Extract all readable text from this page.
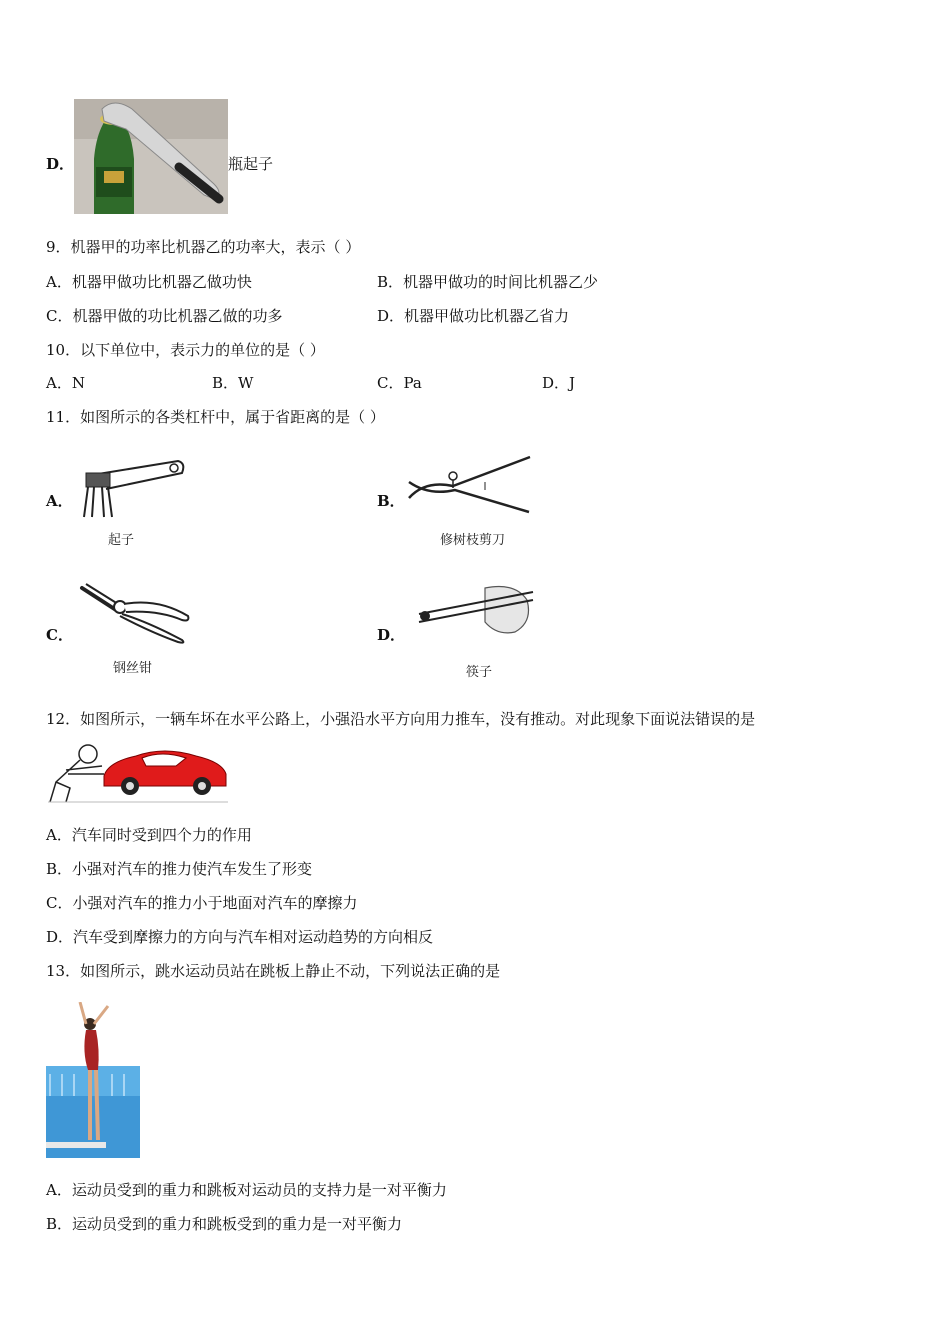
D．	瓶起子
9．机器甲的功率比机器乙的功率大，表示（ ）
A．机器甲做功比机器乙做功快	B．机器甲做功的时间比机器乙少
C．机器甲做的功比机器乙做的功多	D．机器甲做功比机器乙省力
10．以下单位中，表示力的单位的是（ ）
A．N	B．W	C．Pa	D．J
11．如图所示的各类杠杆中，属于省距离的是（ ）
A．
起子
B．
修树枝剪刀
C．
钢丝钳
D．
筷子
12．如图所示，一辆车坏在水平公路上，小强沿水平方向用力推车，没有推动。对此现象下面说法错误的是
A．汽车同时受到四个力的作用
B．小强对汽车的推力使汽车发生了形变
C．小强对汽车的推力小于地面对汽车的摩擦力
D．汽车受到摩擦力的方向与汽车相对运动趋势的方向相反
13．如图所示，跳水运动员站在跳板上静止不动，下列说法正确的是
A．运动员受到的重力和跳板对运动员的支持力是一对平衡力
B．运动员受到的重力和跳板受到的重力是一对平衡力
